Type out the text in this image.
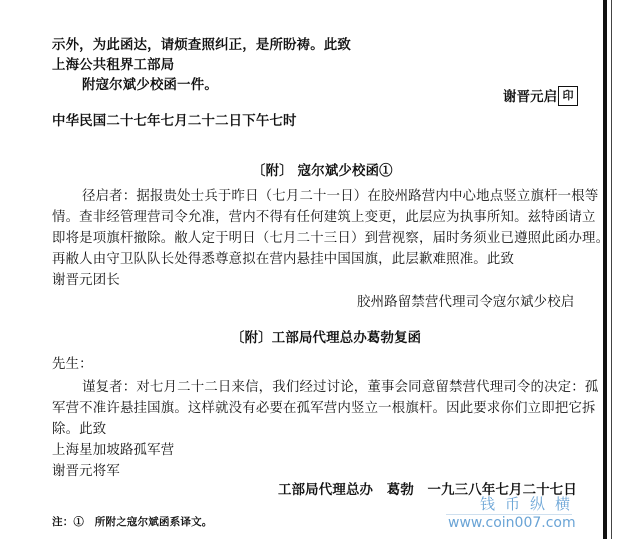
示外，为此函达，请烦查照纠正，是所盼祷。此致
上海公共租界工部局
附寇尔斌少校函一件。
谢晋元启 印
中华民国二十七年七月二十二日下午七时
〔附〕 寇尔斌少校函①
径启者：据报贵处士兵于昨日（七月二十一日）在胶州路营内中心地点竖立旗杆一根等
情。查非经管理营司令允准，营内不得有任何建筑上变更，此层应为执事所知。兹特函请立
即将是项旗杆撤除。敝人定于明日（七月二十三日）到营视察，届时务须业已遵照此函办理。
再敝人由守卫队队长处得悉尊意拟在营内悬挂中国国旗，此层歉难照准。此致
谢晋元团长
胶州路留禁营代理司令寇尔斌少校启
〔附〕工部局代理总办葛勃复函
先生：
谨复者：对七月二十二日来信，我们经过讨论，董事会同意留禁营代理司令的决定：孤
军营不准许悬挂国旗。这样就没有必要在孤军营内竖立一根旗杆。因此要求你们立即把它拆
除。此致
上海星加坡路孤军营
谢晋元将军
工部局代理总办　葛勃　一九三八年七月二十七日
注：①　所附之寇尔斌函系译文。
钱币纵横
www.coin007.com
